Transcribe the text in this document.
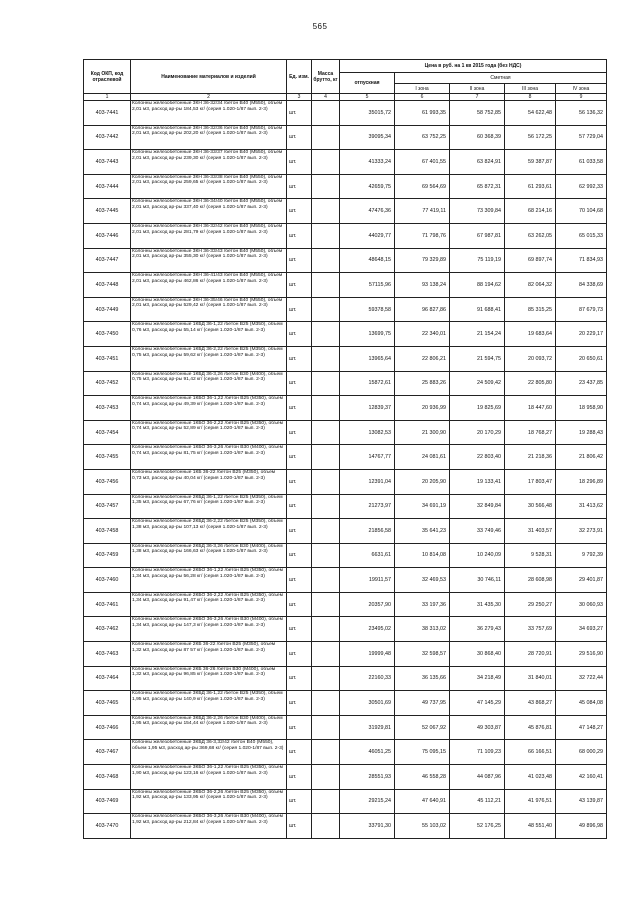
565
Код ОКП, код отраслевой	Наименование материалов и изделий	Ед. изм.	Масса брутто, кг	Цена в руб. на 1 кв 2015 года (без НДС)				
				отпускная	Сметная			
					I зона	II зона	III зона	IV зона
1	2	3	4	5	6	7	8	9
403-7441	Колонны железобетонные 3КН 36-32/34 /бетон В40 (М550), объем 2,01 м3, расход ар-ры 184,53 кг/ (серия 1.020-1/87 вып. 2-3)	шт.		35015,72	61 993,35	58 752,85	54 622,48	56 136,32
403-7442	Колонны железобетонные 3КН 36-32/36 /бетон В40 (М550), объем 2,01 м3, расход ар-ры 202,20 кг/ (серия 1.020-1/87 вып. 2-3)	шт.		39095,34	63 752,25	60 368,39	56 172,25	57 729,04
403-7443	Колонны железобетонные 3КН 36-33/37 /бетон В40 (М550), объем 2,01 м3, расход ар-ры 239,30 кг/ (серия 1.020-1/87 вып. 2-3)	шт.		41333,24	67 401,55	63 824,91	59 387,87	61 033,58
403-7444	Колонны железобетонные 3КН 36-33/38 /бетон В40 (М550), объем 2,01 м3, расход ар-ры 259,65 кг/ (серия 1.020-1/87 вып. 2-3)	шт.		42659,75	69 564,69	65 872,31	61 293,61	62 992,33
403-7445	Колонны железобетонные 3КН 36-34/40 /бетон В40 (М550), объем 2,01 м3, расход ар-ры 337,40 кг/ (серия 1.020-1/87 вып. 2-3)	шт.		47476,36	77 419,11	73 309,84	68 214,16	70 104,68
403-7446	Колонны железобетонные 3КН 36-32/42 /бетон В40 (М550), объем 2,01 м3, расход ар-ры 281,79 кг/ (серия 1.020-1/87 вып. 2-3)	шт.		44029,77	71 798,76	67 987,81	63 262,05	65 015,33
403-7447	Колонны железобетонные 3КН 36-33/43 /бетон В40 (М550), объем 2,01 м3, расход ар-ры 355,30 кг/ (серия 1.020-1/87 вып. 2-3)	шт.		48648,15	79 329,89	75 119,19	69 897,74	71 834,93
403-7448	Колонны железобетонные 3КН 36-41/43 /бетон В40 (М550), объем 2,01 м3, расход ар-ры 462,86 кг/ (серия 1.020-1/87 вып. 2-3)	шт.		57115,96	93 138,24	88 194,62	82 064,32	84 338,69
403-7449	Колонны железобетонные 3КН 36-35/46 /бетон В40 (М550), объем 2,01 м3, расход ар-ры 529,42 кг/ (серия 1.020-1/87 вып. 2-3)	шт.		59378,58	96 827,86	91 688,41	85 315,25	87 679,73
403-7450	Колонны железобетонные 1КБД 36-1,22 /бетон В25 (М350), объем 0,76 м3, расход ар-ры 55,14 кг/ (серия 1.020-1/87 вып. 2-3)	шт.		13699,75	22 340,01	21 154,24	19 683,64	20 229,17
403-7451	Колонны железобетонные 1КБД 36-2,22 /бетон В25 (М350), объем 0,75 м3, расход ар-ры 59,62 кг/ (серия 1.020-1/87 вып. 2-3)	шт.		13965,64	22 806,21	21 594,75	20 093,72	20 650,61
403-7452	Колонны железобетонные 1КБД 36-3,26 /бетон В30 (М400), объем 0,75 м3, расход ар-ры 91,42 кг/ (серия 1.020-1/87 вып. 2-3)	шт.		15872,61	25 883,26	24 509,42	22 805,80	23 437,85
403-7453	Колонны железобетонные 1КБО 36-1,22 /бетон В25 (М350), объем 0,74 м3, расход ар-ры 49,39 кг/ (серия 1.020-1/87 вып. 2-3)	шт.		12839,37	20 936,99	19 825,69	18 447,60	18 958,90
403-7454	Колонны железобетонные 1КБО 36-2,22 /бетон В25 (М350), объем 0,74 м3, расход ар-ры 52,89 кг/ (серия 1.020-1/87 вып. 2-3)	шт.		13082,53	21 300,90	20 170,29	18 768,27	19 288,43
403-7455	Колонны железобетонные 1КБО 36-3,26 /бетон В30 (М400), объем 0,74 м3, расход ар-ры 81,75 кг/ (серия 1.020-1/87 вып. 2-3)	шт.		14767,77	24 081,61	22 803,40	21 218,36	21 806,42
403-7456	Колонны железобетонные 1КБ 36-22 /бетон В25 (М350), объем 0,73 м3, расход ар-ры 40,04 кг/ (серия 1.020-1/87 вып. 2-3)	шт.		12391,04	20 205,90	19 133,41	17 803,47	18 296,89
403-7457	Колонны железобетонные 2КБД 36-1,22 /бетон В25 (М350), объем 1,35 м3, расход ар-ры 67,76 кг/ (серия 1.020-1/87 вып. 2-3)	шт.		21273,97	34 691,19	32 849,84	30 566,48	31 413,62
403-7458	Колонны железобетонные 2КБД 36-2,22 /бетон В25 (М350), объем 1,38 м3, расход ар-ры 107,13 кг/ (серия 1.020-1/87 вып. 2-3)	шт.		21856,58	35 641,23	33 749,46	31 403,57	32 273,91
403-7459	Колонны железобетонные 2КБД 36-3,26 /бетон В30 (М400), объем 1,38 м3, расход ар-ры 166,63 кг/ (серия 1.020-1/87 вып. 2-3)	шт.		6631,61	10 814,08	10 240,09	9 528,31	9 792,39
403-7460	Колонны железобетонные 2КБО 36-1,22 /бетон В25 (М350), объем 1,34 м3, расход ар-ры 56,28 кг/ (серия 1.020-1/87 вып. 2-3)	шт.		19911,57	32 469,53	30 746,11	28 608,98	29 401,87
403-7461	Колонны железобетонные 2КБО 36-2,22 /бетон В25 (М350), объем 1,34 м3, расход ар-ры 91,47 кг/ (серия 1.020-1/87 вып. 2-3)	шт.		20357,90	33 197,36	31 435,30	29 250,27	30 060,93
403-7462	Колонны железобетонные 2КБО 36-3,26 /бетон В30 (М400), объем 1,34 м3, расход ар-ры 147,3 кг/ (серия 1.020-1/87 вып. 2-3)	шт.		23495,02	38 313,02	36 279,43	33 757,69	34 693,27
403-7463	Колонны железобетонные 2КБ 36-22 /бетон В25 (М350), объем 1,32 м3, расход ар-ры 87 57 кг/ (серия 1.020-1/87 вып. 2-3)	шт.		19999,48	32 598,57	30 868,40	28 720,91	29 516,90
403-7464	Колонны железобетонные 2КБ 36-26 /бетон В30 (М400), объем 1,32 м3, расход ар-ры 96,85 кг/ (серия 1.020-1/87 вып. 2-3)	шт.		22160,33	36 135,66	34 218,49	31 840,01	32 722,44
403-7465	Колонны железобетонные 3КБД 36-1,22 /бетон В25 (М350), объем 1,95 м3, расход ар-ры 140,9 кг/ (серия 1.020-1/87 вып. 2-3)	шт.		30501,69	49 737,95	47 145,29	43 868,27	45 084,08
403-7466	Колонны железобетонные 3КБД 36-2,26 /бетон В30 (М400), объем 1,95 м3, расход ар-ры 154,44 кг/ (серия 1.020-1/87 вып. 2-3)	шт.		31929,81	52 067,92	49 303,87	45 876,81	47 148,27
403-7467	Колонны железобетонные 3КБД 36-3,32/42 /бетон В40 (М550), объем 1,95 м3, расход ар-ры 369,68 кг/ (серия 1.020-1/87 вып. 2-3)	шт.		46051,25	75 095,15	71 109,23	66 166,51	68 000,29
403-7468	Колонны железобетонные 3КБО 36-1,22 /бетон В25 (М350), объем 1,90 м3, расход ар-ры 123,16 кг/ (серия 1.020-1/87 вып. 2-3)	шт.		28551,93	46 558,28	44 087,96	41 023,48	42 160,41
403-7469	Колонны железобетонные 3КБО 36-2,26 /бетон В25 (М350), объем 1,92 м3, расход ар-ры 133,95 кг/ (серия 1.020-1/87 вып. 2-3)	шт.		29215,24	47 640,91	45 112,21	41 976,51	43 139,87
403-7470	Колонны железобетонные 3КБО 36-3,26 /бетон В30 (М400), объем 1,92 м3, расход ар-ры 212,84 кг/ (серия 1.020-1/87 вып. 2-3)	шт.		33791,30	55 103,02	52 176,25	48 551,40	49 896,98
